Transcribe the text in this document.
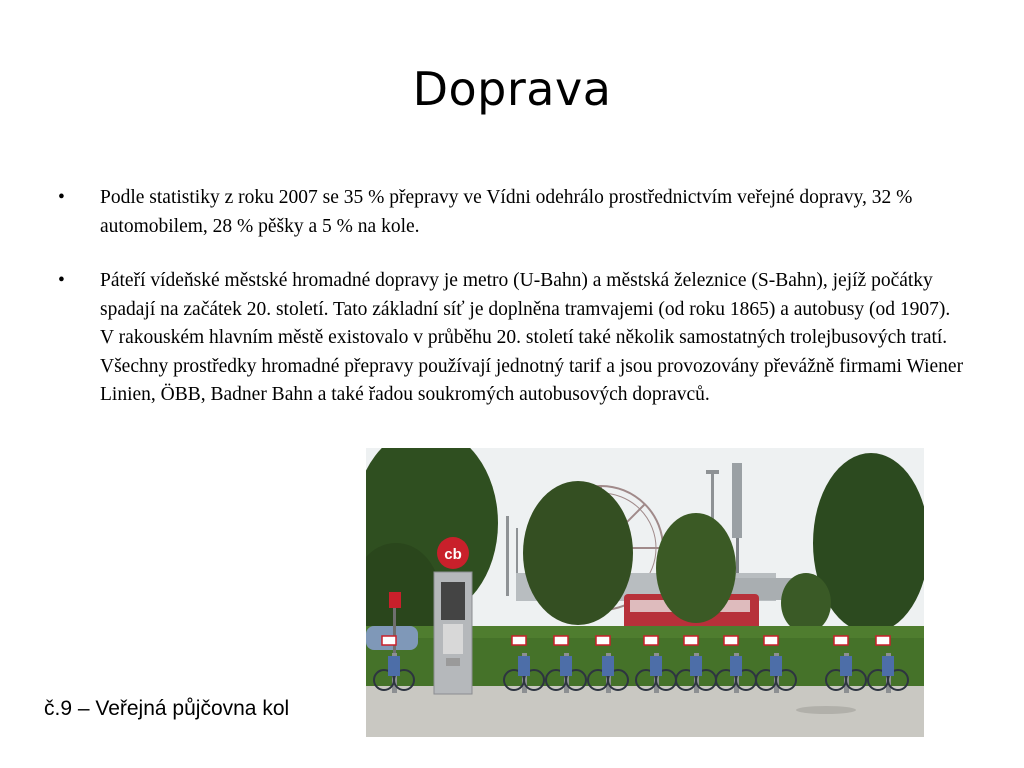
Doprava
•	Podle statistiky z roku 2007 se 35 % přepravy ve Vídni odehrálo prostřednictvím veřejné dopravy, 32 % automobilem, 28 % pěšky a 5 % na kole.
•	Páteří vídeňské městské hromadné dopravy je metro (U-Bahn) a městská železnice (S-Bahn), jejíž počátky spadají na začátek 20. století. Tato základní síť je doplněna tramvajemi (od roku 1865) a autobusy (od 1907). V rakouském hlavním městě existovalo v průběhu 20. století také několik samostatných trolejbusových tratí. Všechny prostředky hromadné přepravy používají jednotný tarif a jsou provozovány převážně firmami Wiener Linien, ÖBB, Badner Bahn a také řadou soukromých autobusových dopravců.
cb
č.9 – Veřejná půjčovna kol
